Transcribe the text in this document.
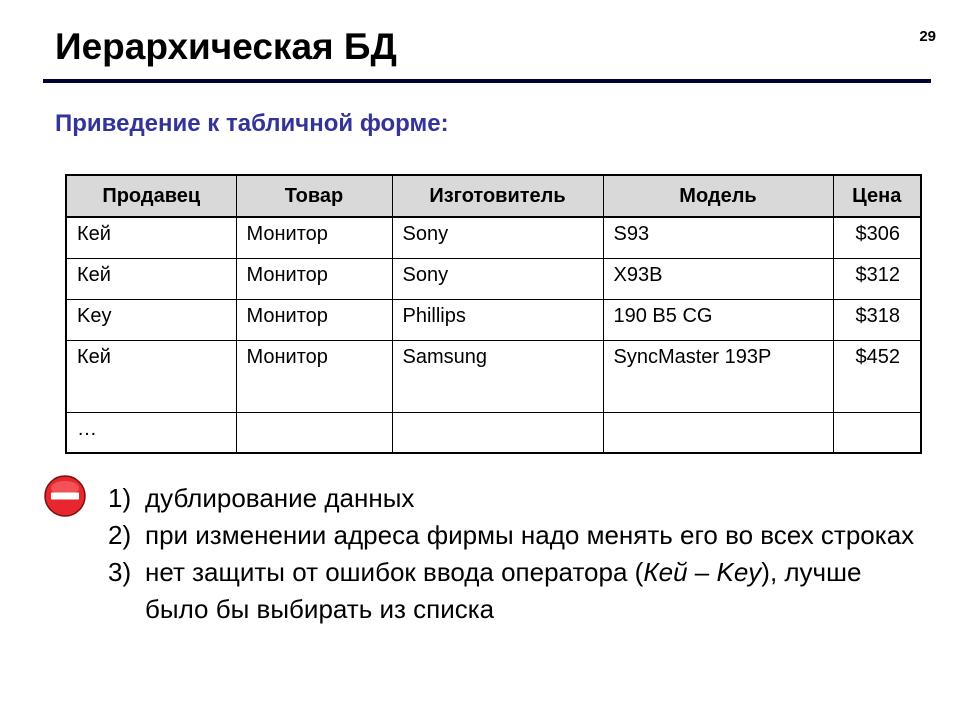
Иерархическая БД	29
Приведение к табличной форме:
Продавец	Товар	Изготовитель	Модель	Цена
Кей	Монитор	Sony	S93	$306
Кей	Монитор	Sony	X93B	$312
Key	Монитор	Phillips	190 B5 CG	$318
Кей	Монитор	Samsung	SyncMaster 193P	$452
…				
1) дублирование данных
2) при изменении адреса фирмы надо менять его во всех строках
3) нет защиты от ошибок ввода оператора (Кей – Key), лучше было бы выбирать из списка
